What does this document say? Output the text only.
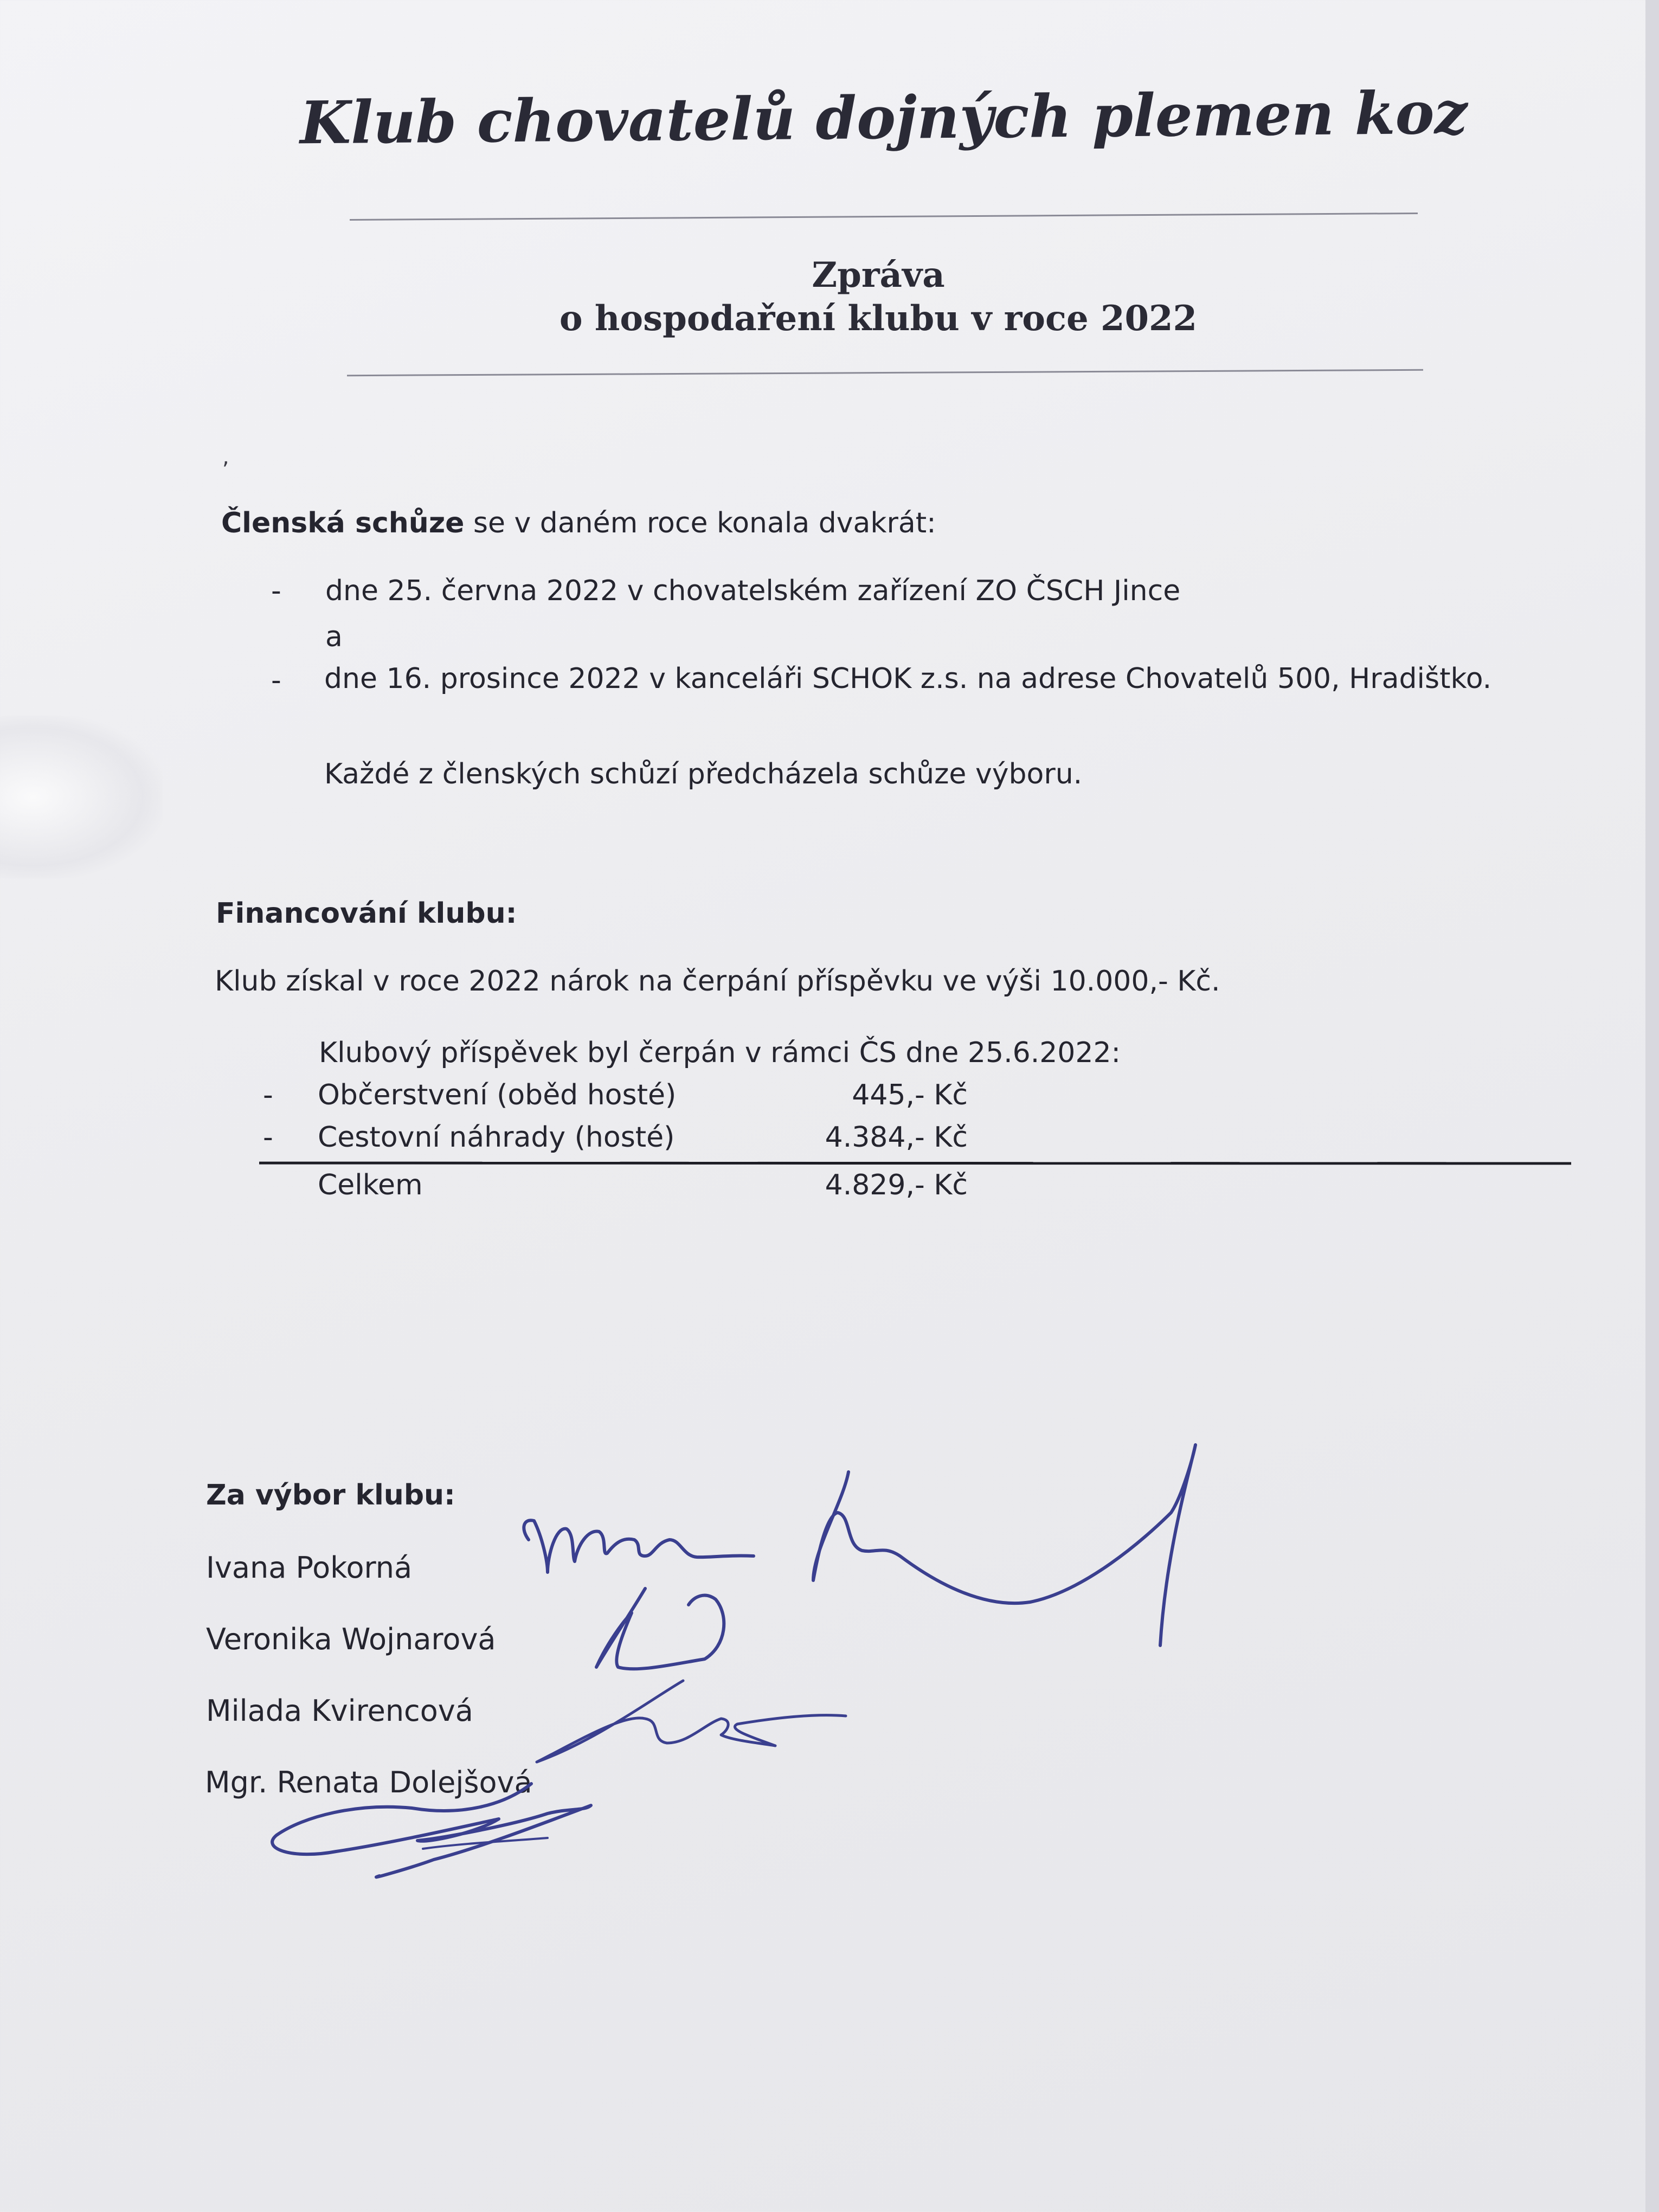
Klub chovatelů dojných plemen koz
Zpráva
o hospodaření klubu v roce 2022
,
Členská schůze se v daném roce konala dvakrát:
- dne 25. června 2022 v chovatelském zařízení ZO ČSCH Jince
a
- dne 16. prosince 2022 v kanceláři SCHOK z.s. na adrese Chovatelů 500, Hradištko.
Každé z členských schůzí předcházela schůze výboru.
Financování klubu:
Klub získal v roce 2022 nárok na čerpání příspěvku ve výši 10.000,- Kč.
Klubový příspěvek byl čerpán v rámci ČS dne 25.6.2022:
- Občerstvení (oběd hosté)	445,- Kč
- Cestovní náhrady (hosté)	4.384,- Kč
Celkem	4.829,- Kč
Za výbor klubu:
Ivana Pokorná
Veronika Wojnarová
Milada Kvirencová
Mgr. Renata Dolejšová
